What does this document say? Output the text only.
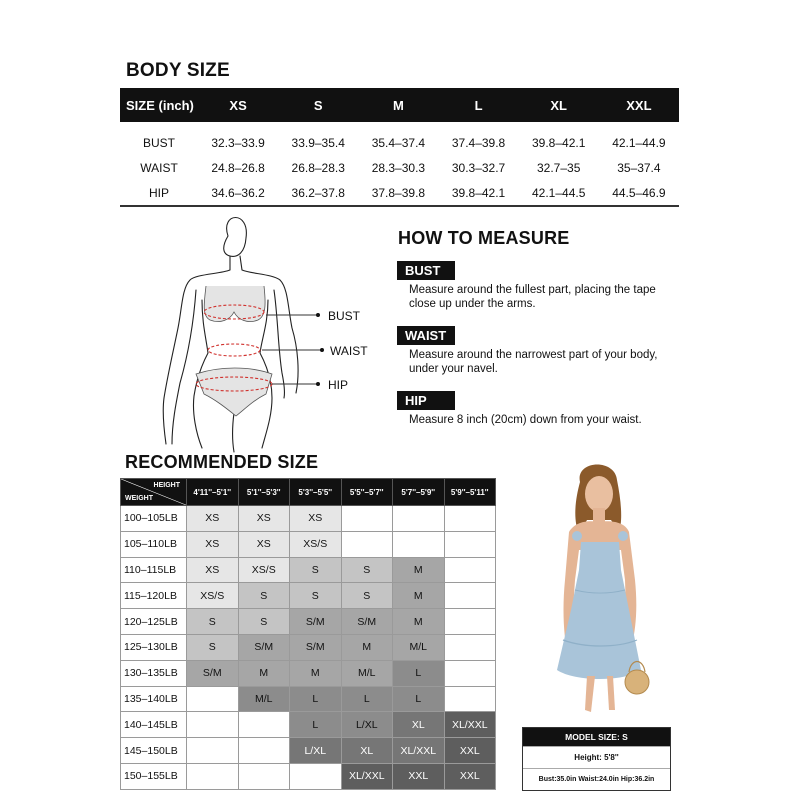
BODY SIZE
SIZE (inch)	XS	S	M	L	XL	XXL
BUST	32.3–33.9	33.9–35.4	35.4–37.4	37.4–39.8	39.8–42.1	42.1–44.9
WAIST	24.8–26.8	26.8–28.3	28.3–30.3	30.3–32.7	32.7–35	35–37.4
HIP	34.6–36.2	36.2–37.8	37.8–39.8	39.8–42.1	42.1–44.5	44.5–46.9
BUST
WAIST
HIP
HOW TO MEASURE
BUST
Measure around the fullest part, placing the tape close up under the arms.
WAIST
Measure around the narrowest part of your body, under your navel.
HIP
Measure 8 inch (20cm) down from your waist.
RECOMMENDED SIZE
HEIGHT
WEIGHT	4'11''–5'1''	5'1''–5'3''	5'3''–5'5''	5'5''–5'7''	5'7''–5'9''	5'9''–5'11''
100–105LB	XS	XS	XS			
105–110LB	XS	XS	XS/S			
110–115LB	XS	XS/S	S	S	M	
115–120LB	XS/S	S	S	S	M	
120–125LB	S	S	S/M	S/M	M	
125–130LB	S	S/M	S/M	M	M/L	
130–135LB	S/M	M	M	M/L	L	
135–140LB		M/L	L	L	L	
140–145LB			L	L/XL	XL	XL/XXL
145–150LB			L/XL	XL	XL/XXL	XXL
150–155LB				XL/XXL	XXL	XXL
MODEL SIZE: S
Height: 5'8''
Bust:35.0in Waist:24.0in Hip:36.2in
